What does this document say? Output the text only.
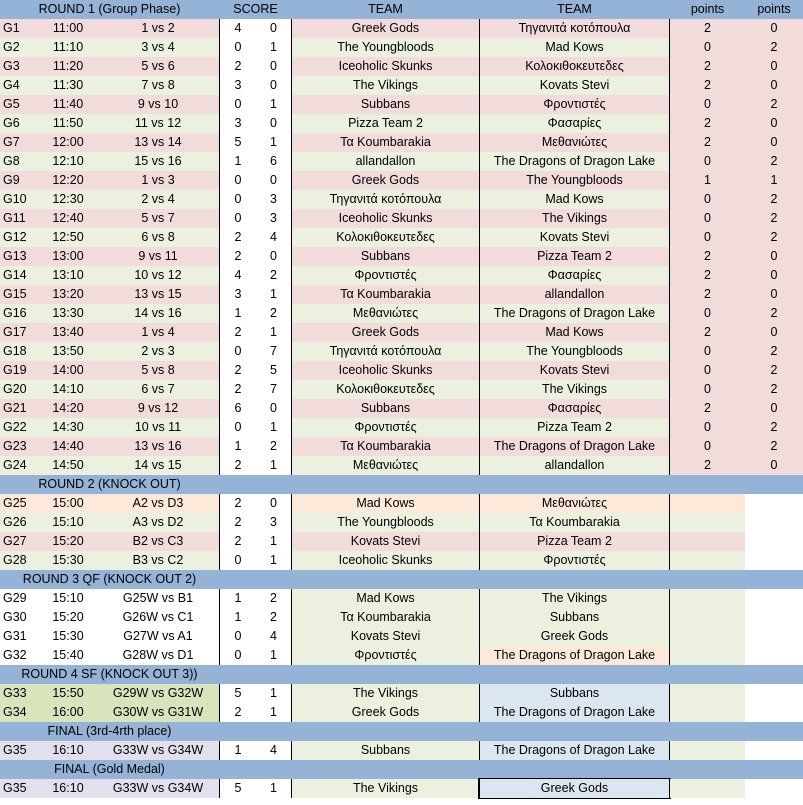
ROUND 1 (Group Phase)	SCORE	TEAM	TEAM	points	points
G1	11:00	1 vs 2	4	0	Greek Gods	Τηγανιτά κοτόπουλα	2	0
G2	11:10	3 vs 4	0	1	The Youngbloods	Mad Kows	0	2
G3	11:20	5 vs 6	2	0	Iceoholic Skunks	Κολοκιθοκευτεδες	2	0
G4	11:30	7 vs 8	3	0	The Vikings	Kovats Stevi	2	0
G5	11:40	9 vs 10	0	1	Subbans	Φροντιστές	0	2
G6	11:50	11 vs 12	3	0	Pizza Team 2	Φασαρίες	2	0
G7	12:00	13 vs 14	5	1	Τα Koumbarakia	Μεθανιώτες	2	0
G8	12:10	15 vs 16	1	6	allandallon	The Dragons of Dragon Lake	0	2
G9	12:20	1 vs 3	0	0	Greek Gods	The Youngbloods	1	1
G10	12:30	2 vs 4	0	3	Τηγανιτά κοτόπουλα	Mad Kows	0	2
G11	12:40	5 vs 7	0	3	Iceoholic Skunks	The Vikings	0	2
G12	12:50	6 vs 8	2	4	Κολοκιθοκευτεδες	Kovats Stevi	0	2
G13	13:00	9 vs 11	2	0	Subbans	Pizza Team 2	2	0
G14	13:10	10 vs 12	4	2	Φροντιστές	Φασαρίες	2	0
G15	13:20	13 vs 15	3	1	Τα Koumbarakia	allandallon	2	0
G16	13:30	14 vs 16	1	2	Μεθανιώτες	The Dragons of Dragon Lake	0	2
G17	13:40	1 vs 4	2	1	Greek Gods	Mad Kows	2	0
G18	13:50	2 vs 3	0	7	Τηγανιτά κοτόπουλα	The Youngbloods	0	2
G19	14:00	5 vs 8	2	5	Iceoholic Skunks	Kovats Stevi	0	2
G20	14:10	6 vs 7	2	7	Κολοκιθοκευτεδες	The Vikings	0	2
G21	14:20	9 vs 12	6	0	Subbans	Φασαρίες	2	0
G22	14:30	10 vs 11	0	1	Φροντιστές	Pizza Team 2	0	2
G23	14:40	13 vs 16	1	2	Τα Koumbarakia	The Dragons of Dragon Lake	0	2
G24	14:50	14 vs 15	2	1	Μεθανιώτες	allandallon	2	0
ROUND 2 (KNOCK OUT)
G25	15:00	A2 vs D3	2	0	Mad Kows	Μεθανιώτες
G26	15:10	A3 vs D2	2	3	The Youngbloods	Τα Koumbarakia
G27	15:20	B2 vs C3	2	1	Kovats Stevi	Pizza Team 2
G28	15:30	B3 vs C2	0	1	Iceoholic Skunks	Φροντιστές
ROUND 3 QF (KNOCK OUT 2)
G29	15:10	G25W vs B1	1	2	Mad Kows	The Vikings
G30	15:20	G26W vs C1	1	2	Τα Koumbarakia	Subbans
G31	15:30	G27W vs A1	0	4	Kovats Stevi	Greek Gods
G32	15:40	G28W vs D1	0	1	Φροντιστές	The Dragons of Dragon Lake
ROUND 4 SF (KNOCK OUT 3))
G33	15:50	G29W vs G32W	5	1	The Vikings	Subbans
G34	16:00	G30W vs G31W	2	1	Greek Gods	The Dragons of Dragon Lake
FINAL (3rd-4rth place)
G35	16:10	G33W vs G34W	1	4	Subbans	The Dragons of Dragon Lake
FINAL (Gold Medal)
G35	16:10	G33W vs G34W	5	1	The Vikings	Greek Gods
